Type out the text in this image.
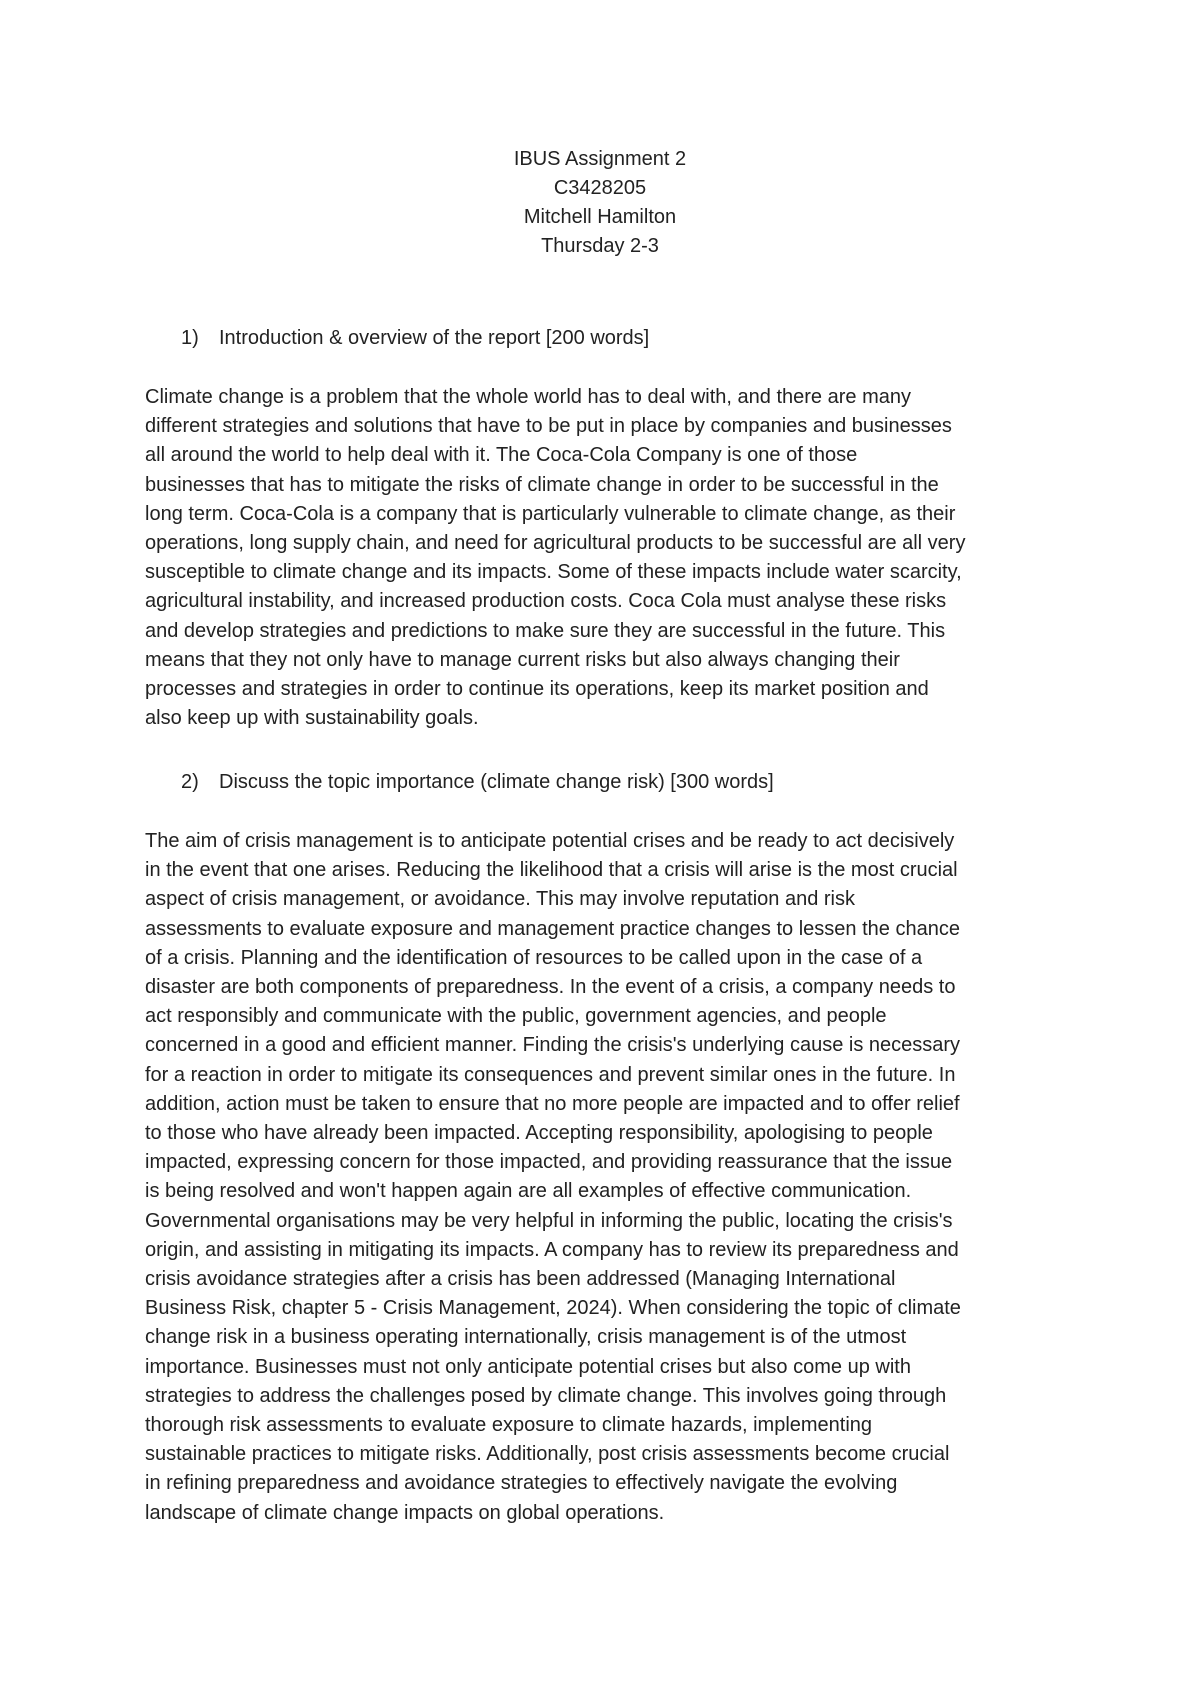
IBUS Assignment 2
C3428205
Mitchell Hamilton
Thursday 2-3
1) Introduction & overview of the report [200 words]
Climate change is a problem that the whole world has to deal with, and there are many
different strategies and solutions that have to be put in place by companies and businesses
all around the world to help deal with it. The Coca-Cola Company is one of those
businesses that has to mitigate the risks of climate change in order to be successful in the
long term. Coca-Cola is a company that is particularly vulnerable to climate change, as their
operations, long supply chain, and need for agricultural products to be successful are all very
susceptible to climate change and its impacts. Some of these impacts include water scarcity,
agricultural instability, and increased production costs. Coca Cola must analyse these risks
and develop strategies and predictions to make sure they are successful in the future. This
means that they not only have to manage current risks but also always changing their
processes and strategies in order to continue its operations, keep its market position and
also keep up with sustainability goals.
2) Discuss the topic importance (climate change risk) [300 words]
The aim of crisis management is to anticipate potential crises and be ready to act decisively
in the event that one arises. Reducing the likelihood that a crisis will arise is the most crucial
aspect of crisis management, or avoidance. This may involve reputation and risk
assessments to evaluate exposure and management practice changes to lessen the chance
of a crisis. Planning and the identification of resources to be called upon in the case of a
disaster are both components of preparedness. In the event of a crisis, a company needs to
act responsibly and communicate with the public, government agencies, and people
concerned in a good and efficient manner. Finding the crisis's underlying cause is necessary
for a reaction in order to mitigate its consequences and prevent similar ones in the future. In
addition, action must be taken to ensure that no more people are impacted and to offer relief
to those who have already been impacted. Accepting responsibility, apologising to people
impacted, expressing concern for those impacted, and providing reassurance that the issue
is being resolved and won't happen again are all examples of effective communication.
Governmental organisations may be very helpful in informing the public, locating the crisis's
origin, and assisting in mitigating its impacts. A company has to review its preparedness and
crisis avoidance strategies after a crisis has been addressed (Managing International
Business Risk, chapter 5 - Crisis Management, 2024). When considering the topic of climate
change risk in a business operating internationally, crisis management is of the utmost
importance. Businesses must not only anticipate potential crises but also come up with
strategies to address the challenges posed by climate change. This involves going through
thorough risk assessments to evaluate exposure to climate hazards, implementing
sustainable practices to mitigate risks. Additionally, post crisis assessments become crucial
in refining preparedness and avoidance strategies to effectively navigate the evolving
landscape of climate change impacts on global operations.
